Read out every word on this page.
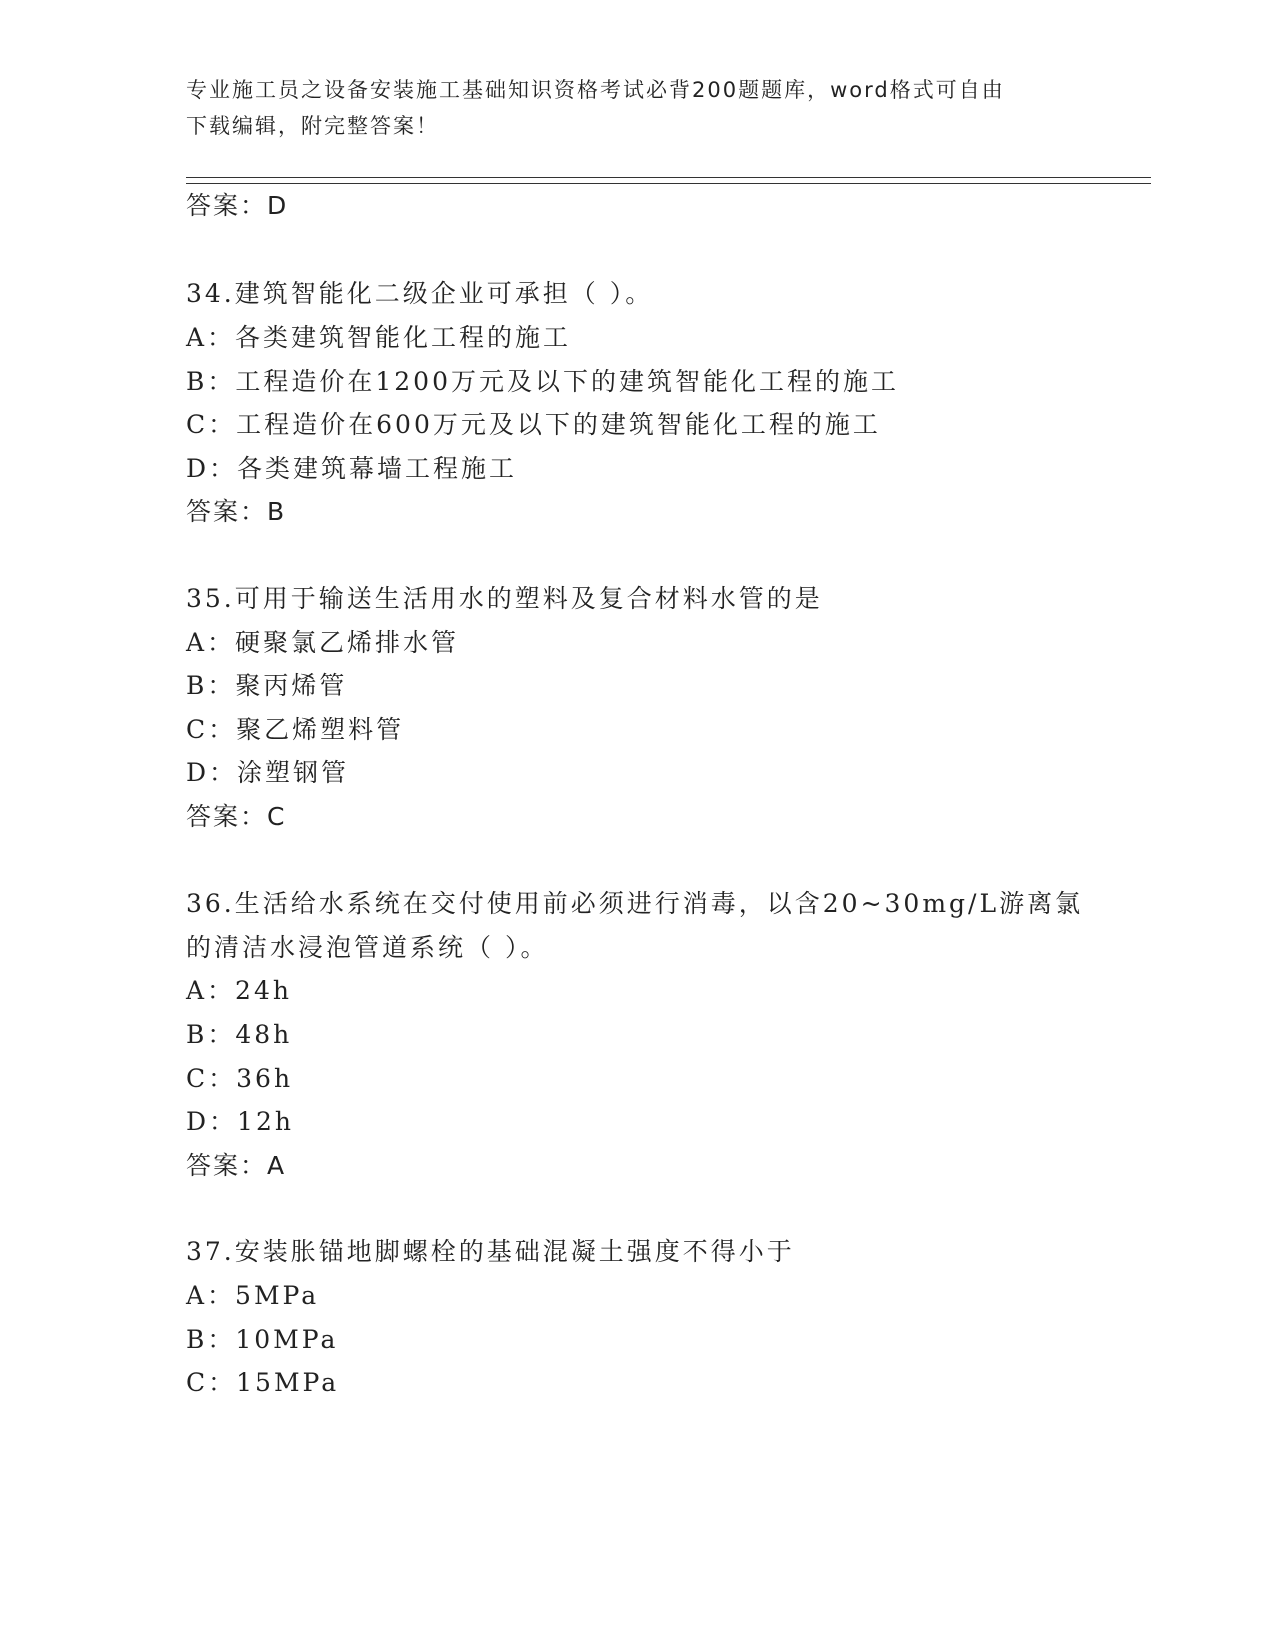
专业施工员之设备安装施工基础知识资格考试必背200题题库，word格式可自由
下载编辑，附完整答案！
答案：D
34.建筑智能化二级企业可承担（ ）。
A：各类建筑智能化工程的施工
B：工程造价在1200万元及以下的建筑智能化工程的施工
C：工程造价在600万元及以下的建筑智能化工程的施工
D：各类建筑幕墙工程施工
答案：B
35.可用于输送生活用水的塑料及复合材料水管的是
A：硬聚氯乙烯排水管
B：聚丙烯管
C：聚乙烯塑料管
D：涂塑钢管
答案：C
36.生活给水系统在交付使用前必须进行消毒，以含20~30mg/L游离氯
的清洁水浸泡管道系统（ ）。
A：24h
B：48h
C：36h
D：12h
答案：A
37.安装胀锚地脚螺栓的基础混凝土强度不得小于
A：5MPa
B：10MPa
C：15MPa
